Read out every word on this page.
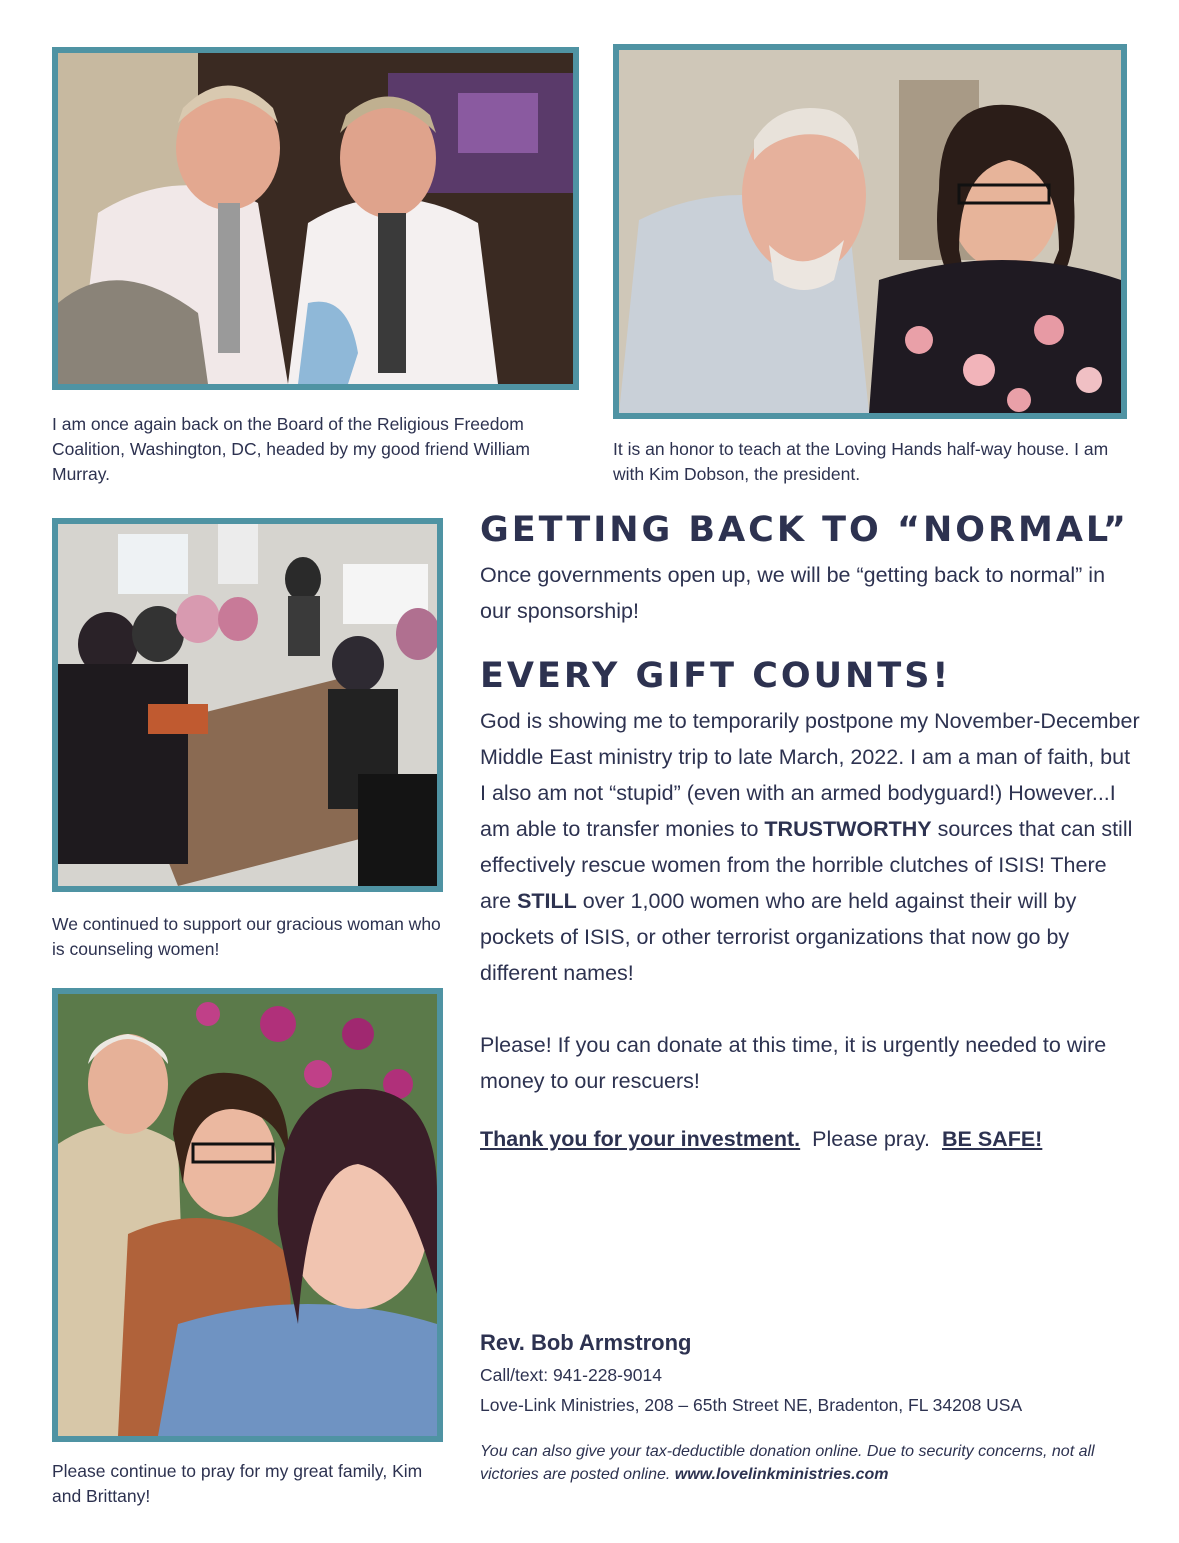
I am once again back on the Board of the Religious Freedom Coalition, Washington, DC, headed by my good friend William Murray.
It is an honor to teach at the Loving Hands half-way house. I am with Kim Dobson, the president.
We continued to support our gracious woman who is counseling women!
Please continue to pray for my great family, Kim and Brittany!
GETTING BACK TO “NORMAL”

Once governments open up, we will be “getting back to normal” in our sponsorship!

EVERY GIFT COUNTS!

God is showing me to temporarily postpone my November-December Middle East ministry trip to late March, 2022. I am a man of faith, but I also am not “stupid” (even with an armed bodyguard!) However...I am able to transfer monies to TRUSTWORTHY sources that can still effectively rescue women from the horrible clutches of ISIS! There are STILL over 1,000 women who are held against their will by pockets of ISIS, or other terrorist organizations that now go by different names!

Please! If you can donate at this time, it is urgently needed to wire money to our rescuers!

Thank you for your investment.  Please pray.  BE SAFE!

Rev. Bob Armstrong
Call/text: 941-228-9014
Love-Link Ministries, 208 – 65th Street NE, Bradenton, FL 34208 USA
You can also give your tax-deductible donation online. Due to security concerns, not all victories are posted online. www.lovelinkministries.com
